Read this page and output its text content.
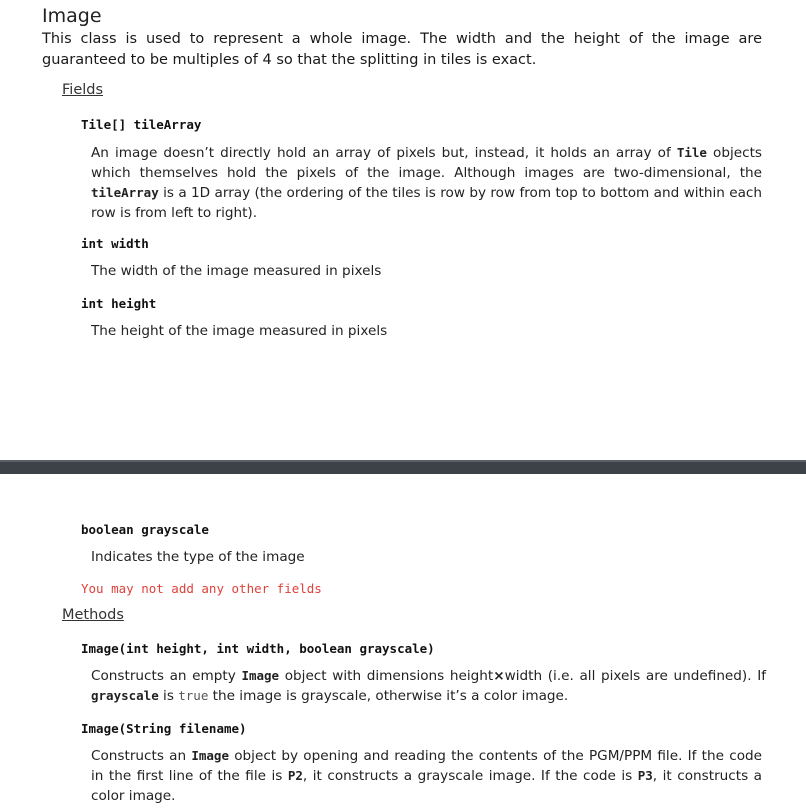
Image
This class is used to represent a whole image. The width and the height of the image are guaranteed to be multiples of 4 so that the splitting in tiles is exact.
Fields
Tile[] tileArray
An image doesn’t directly hold an array of pixels but, instead, it holds an array of Tile objects which themselves hold the pixels of the image. Although images are two-dimensional, the tileArray is a 1D array (the ordering of the tiles is row by row from top to bottom and within each row is from left to right).
int width
The width of the image measured in pixels
int height
The height of the image measured in pixels
boolean grayscale
Indicates the type of the image
You may not add any other fields
Methods
Image(int height, int width, boolean grayscale)
Constructs an empty Image object with dimensions height×width (i.e. all pixels are undefined). If grayscale is true the image is grayscale, otherwise it’s a color image.
Image(String filename)
Constructs an Image object by opening and reading the contents of the PGM/PPM file. If the code in the first line of the file is P2, it constructs a grayscale image. If the code is P3, it constructs a color image.
